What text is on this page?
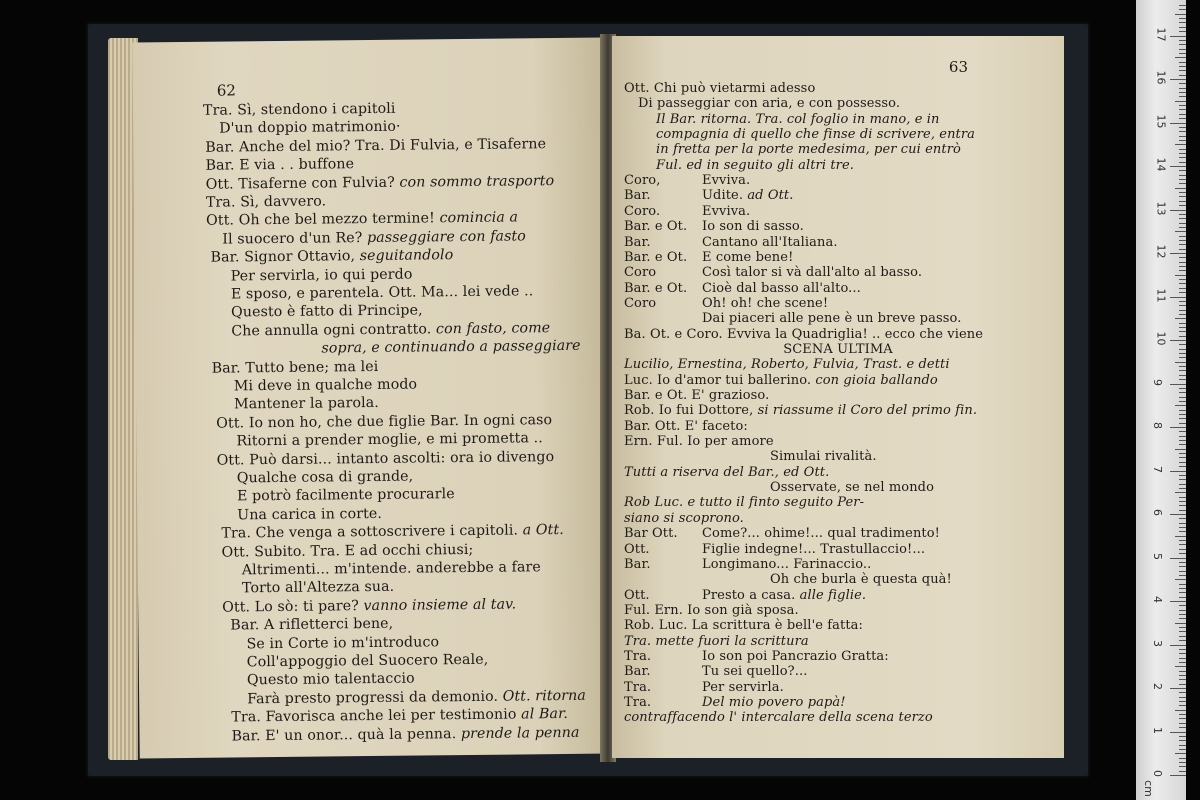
62
Tra. Sì, stendono i capitoli
D'un doppio matrimonio·
Bar. Anche del mio? Tra. Di Fulvia, e Tisaferne
Bar. E via . . buffone
Ott. Tisaferne con Fulvia? con sommo trasporto
Tra. Sì, davvero.
Ott. Oh che bel mezzo termine! comincia a
Il suocero d'un Re? passeggiare con fasto
Bar. Signor Ottavio, seguitandolo
Per servirla, io qui perdo
E sposo, e parentela. Ott. Ma... lei vede ..
Questo è fatto di Principe,
Che annulla ogni contratto. con fasto, come
sopra, e continuando a passeggiare
Bar. Tutto bene; ma lei
Mi deve in qualche modo
Mantener la parola.
Ott. Io non ho, che due figlie Bar. In ogni caso
Ritorni a prender moglie, e mi prometta ..
Ott. Può darsi... intanto ascolti: ora io divengo
Qualche cosa di grande,
E potrò facilmente procurarle
Una carica in corte.
Tra. Che venga a sottoscrivere i capitoli. a Ott.
Ott. Subito. Tra. E ad occhi chiusi;
Altrimenti... m'intende. anderebbe a fare
Torto all'Altezza sua.
Ott. Lo sò: ti pare? vanno insieme al tav.
Bar. A rifletterci bene,
Se in Corte io m'introduco
Coll'appoggio del Suocero Reale,
Questo mio talentaccio
Farà presto progressi da demonio. Ott. ritorna
Tra. Favorisca anche lei per testimonio al Bar.
Bar. E' un onor... quà la penna. prende la penna
63
Ott. Chi può vietarmi adesso
Di passeggiar con aria, e con possesso.
Il Bar. ritorna. Tra. col foglio in mano, e in
compagnia di quello che finse di scrivere, entra
in fretta per la porte medesima, per cui entrò
Ful. ed in seguito gli altri tre.
Coro,	Evviva.
Bar.	Udite. ad Ott.
Coro.	Evviva.
Bar. e Ot. Io son di sasso.
Bar.	Cantano all'Italiana.
Bar. e Ot. E come bene!
Coro	Così talor si và dall'alto al basso.
Bar. e Ot. Cioè dal basso all'alto...
Coro	Oh! oh! che scene!
Dai piaceri alle pene è un breve passo.
Ba. Ot. e Coro. Evviva la Quadriglia! .. ecco che viene
SCENA ULTIMA
Lucilio, Ernestina, Roberto, Fulvia, Trast. e detti
Luc. Io d'amor tui ballerino. con gioia ballando
Bar. e Ot. E' grazioso.
Rob. Io fui Dottore, si riassume il Coro del primo fin.
Bar. Ott. E' faceto:
Ern. Ful. Io per amore
Simulai rivalità.
Tutti a riserva del Bar., ed Ott.
Osservate, se nel mondo
Rob Luc. e tutto il finto seguito Per-
siano si scoprono.
Bar Ott. Come?... ohime!... qual tradimento!
Ott.	Figlie indegne!... Trastullaccio!...
Bar.	Longimano... Farinaccio..
Oh che burla è questa quà!
Ott.	Presto a casa. alle figlie.
Ful. Ern. Io son già sposa.
Rob. Luc. La scrittura è bell'e fatta:
Tra. mette fuori la scrittura
Tra.	Io son poi Pancrazio Gratta:
Bar.	Tu sei quello?...
Tra.	Per servirla.
Tra.	Del mio povero papà!
contraffacendo l' intercalare della scena terzo
0
1
2
3
4
5
6
7
8
9
10
11
12
13
14
15
16
17
cm
